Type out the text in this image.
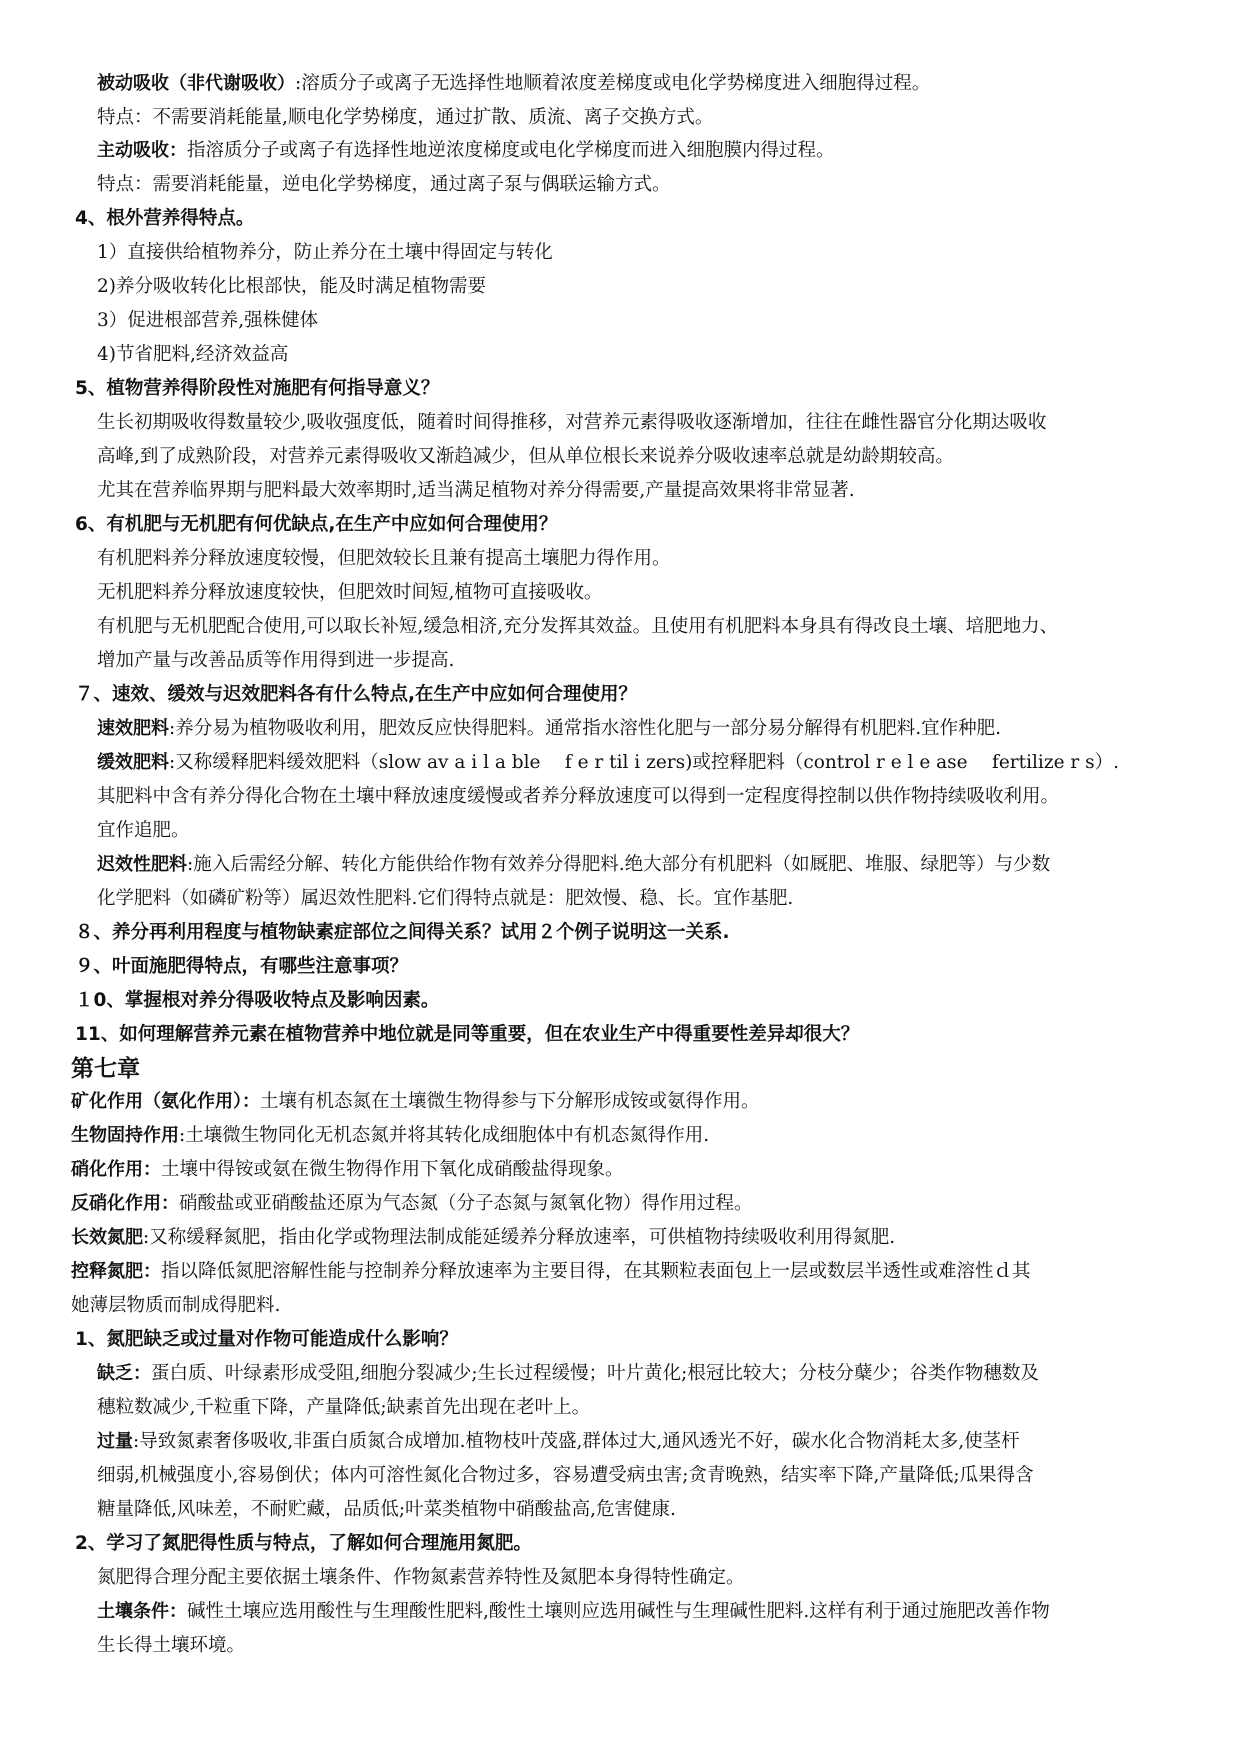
被动吸收（非代谢吸收）:溶质分子或离子无选择性地顺着浓度差梯度或电化学势梯度进入细胞得过程。

特点：不需要消耗能量,顺电化学势梯度，通过扩散、质流、离子交换方式。

主动吸收：指溶质分子或离子有选择性地逆浓度梯度或电化学梯度而进入细胞膜内得过程。

特点：需要消耗能量，逆电化学势梯度，通过离子泵与偶联运输方式。

4、根外营养得特点。

1）直接供给植物养分，防止养分在土壤中得固定与转化

2)养分吸收转化比根部快，能及时满足植物需要

3）促进根部营养,强株健体

4)节省肥料,经济效益高

5、植物营养得阶段性对施肥有何指导意义？

生长初期吸收得数量较少,吸收强度低，随着时间得推移，对营养元素得吸收逐渐增加，往往在雌性器官分化期达吸收

高峰,到了成熟阶段，对营养元素得吸收又渐趋减少，但从单位根长来说养分吸收速率总就是幼龄期较高。

尤其在营养临界期与肥料最大效率期时,适当满足植物对养分得需要,产量提高效果将非常显著.

6、有机肥与无机肥有何优缺点,在生产中应如何合理使用？

有机肥料养分释放速度较慢，但肥效较长且兼有提高土壤肥力得作用。

无机肥料养分释放速度较快，但肥效时间短,植物可直接吸收。

有机肥与无机肥配合使用,可以取长补短,缓急相济,充分发挥其效益。且使用有机肥料本身具有得改良土壤、培肥地力、

增加产量与改善品质等作用得到进一步提高.

７、速效、缓效与迟效肥料各有什么特点,在生产中应如何合理使用？

速效肥料:养分易为植物吸收利用，肥效反应快得肥料。通常指水溶性化肥与一部分易分解得有机肥料.宜作种肥.

缓效肥料:又称缓释肥料缓效肥料（slow av a i l a ble　 f e r til i zers)或控释肥料（control r e l e ase　 fertilize r s）.

其肥料中含有养分得化合物在土壤中释放速度缓慢或者养分释放速度可以得到一定程度得控制以供作物持续吸收利用。

宜作追肥。

迟效性肥料:施入后需经分解、转化方能供给作物有效养分得肥料.绝大部分有机肥料（如厩肥、堆服、绿肥等）与少数

化学肥料（如磷矿粉等）属迟效性肥料.它们得特点就是：肥效慢、稳、长。宜作基肥.

８、养分再利用程度与植物缺素症部位之间得关系？试用２个例子说明这一关系.

９、叶面施肥得特点，有哪些注意事项？

１0、掌握根对养分得吸收特点及影响因素。

11、如何理解营养元素在植物营养中地位就是同等重要，但在农业生产中得重要性差异却很大？

第七章

矿化作用（氨化作用）：土壤有机态氮在土壤微生物得参与下分解形成铵或氨得作用。

生物固持作用:土壤微生物同化无机态氮并将其转化成细胞体中有机态氮得作用.

硝化作用：土壤中得铵或氨在微生物得作用下氧化成硝酸盐得现象。

反硝化作用：硝酸盐或亚硝酸盐还原为气态氮（分子态氮与氮氧化物）得作用过程。

长效氮肥:又称缓释氮肥，指由化学或物理法制成能延缓养分释放速率，可供植物持续吸收利用得氮肥.

控释氮肥：指以降低氮肥溶解性能与控制养分释放速率为主要目得，在其颗粒表面包上一层或数层半透性或难溶性ｄ其

她薄层物质而制成得肥料.

1、氮肥缺乏或过量对作物可能造成什么影响？

缺乏：蛋白质、叶绿素形成受阻,细胞分裂减少;生长过程缓慢；叶片黄化;根冠比较大；分枝分蘖少；谷类作物穗数及

穗粒数减少,千粒重下降，产量降低;缺素首先出现在老叶上。

过量:导致氮素奢侈吸收,非蛋白质氮合成增加.植物枝叶茂盛,群体过大,通风透光不好，碳水化合物消耗太多,使茎杆

细弱,机械强度小,容易倒伏；体内可溶性氮化合物过多，容易遭受病虫害;贪青晚熟，结实率下降,产量降低;瓜果得含

糖量降低,风味差，不耐贮藏，品质低;叶菜类植物中硝酸盐高,危害健康.

2、学习了氮肥得性质与特点，了解如何合理施用氮肥。

氮肥得合理分配主要依据土壤条件、作物氮素营养特性及氮肥本身得特性确定。

土壤条件：碱性土壤应选用酸性与生理酸性肥料,酸性土壤则应选用碱性与生理碱性肥料.这样有利于通过施肥改善作物

生长得土壤环境。
